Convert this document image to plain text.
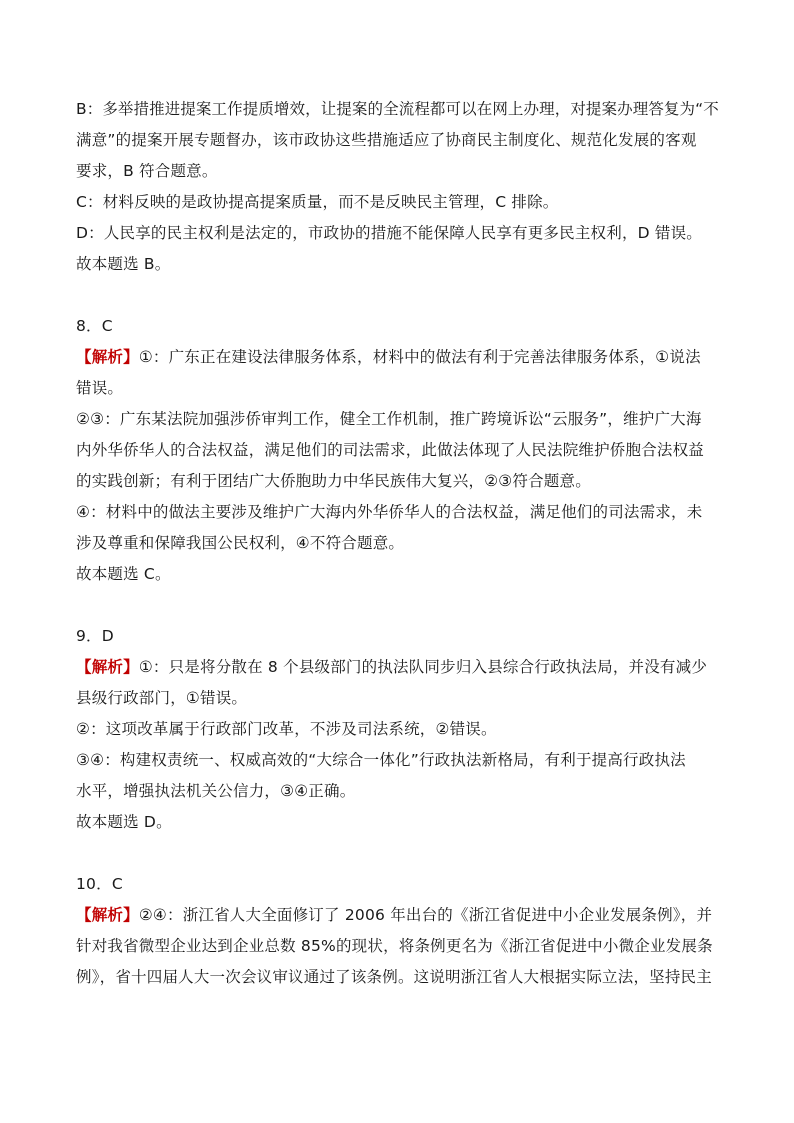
B：多举措推进提案工作提质增效，让提案的全流程都可以在网上办理，对提案办理答复为“不
满意”的提案开展专题督办，该市政协这些措施适应了协商民主制度化、规范化发展的客观
要求，B 符合题意。
C：材料反映的是政协提高提案质量，而不是反映民主管理，C 排除。
D：人民享的民主权利是法定的，市政协的措施不能保障人民享有更多民主权利，D 错误。
故本题选 B。
8．C
【解析】①：广东正在建设法律服务体系，材料中的做法有利于完善法律服务体系，①说法
错误。
②③：广东某法院加强涉侨审判工作，健全工作机制，推广跨境诉讼“云服务”，维护广大海
内外华侨华人的合法权益，满足他们的司法需求，此做法体现了人民法院维护侨胞合法权益
的实践创新；有利于团结广大侨胞助力中华民族伟大复兴，②③符合题意。
④：材料中的做法主要涉及维护广大海内外华侨华人的合法权益，满足他们的司法需求，未
涉及尊重和保障我国公民权利，④不符合题意。
故本题选 C。
9．D
【解析】①：只是将分散在 8 个县级部门的执法队同步归入县综合行政执法局，并没有减少
县级行政部门，①错误。
②：这项改革属于行政部门改革，不涉及司法系统，②错误。
③④：构建权责统一、权威高效的“大综合一体化”行政执法新格局，有利于提高行政执法
水平，增强执法机关公信力，③④正确。
故本题选 D。
10．C
【解析】②④：浙江省人大全面修订了 2006 年出台的《浙江省促进中小企业发展条例》，并
针对我省微型企业达到企业总数 85%的现状，将条例更名为《浙江省促进中小微企业发展条
例》，省十四届人大一次会议审议通过了该条例。这说明浙江省人大根据实际立法，坚持民主
